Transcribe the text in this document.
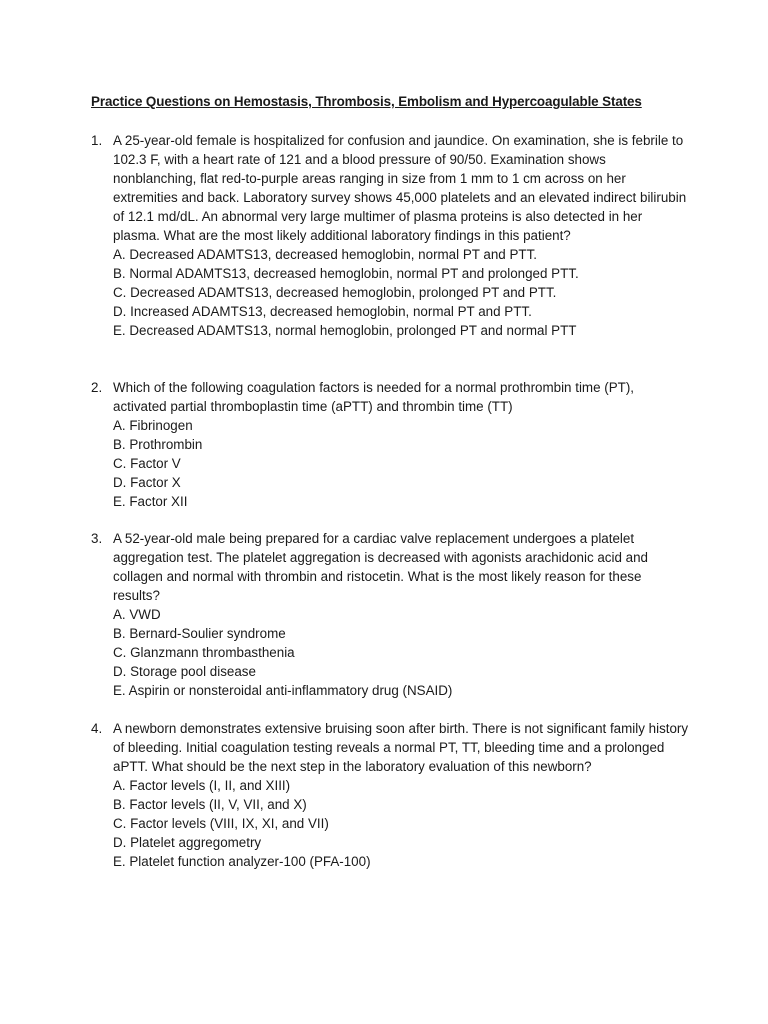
Practice Questions on Hemostasis, Thrombosis, Embolism and Hypercoagulable States
1. A 25-year-old female is hospitalized for confusion and jaundice. On examination, she is febrile to 102.3 F, with a heart rate of 121 and a blood pressure of 90/50. Examination shows nonblanching, flat red-to-purple areas ranging in size from 1 mm to 1 cm across on her extremities and back. Laboratory survey shows 45,000 platelets and an elevated indirect bilirubin of 12.1 md/dL. An abnormal very large multimer of plasma proteins is also detected in her plasma. What are the most likely additional laboratory findings in this patient?
A. Decreased ADAMTS13, decreased hemoglobin, normal PT and PTT.
B. Normal ADAMTS13, decreased hemoglobin, normal PT and prolonged PTT.
C. Decreased ADAMTS13, decreased hemoglobin, prolonged PT and PTT.
D. Increased ADAMTS13, decreased hemoglobin, normal PT and PTT.
E. Decreased ADAMTS13, normal hemoglobin, prolonged PT and normal PTT
2. Which of the following coagulation factors is needed for a normal prothrombin time (PT), activated partial thromboplastin time (aPTT) and thrombin time (TT)
A. Fibrinogen
B. Prothrombin
C. Factor V
D. Factor X
E. Factor XII
3. A 52-year-old male being prepared for a cardiac valve replacement undergoes a platelet aggregation test. The platelet aggregation is decreased with agonists arachidonic acid and collagen and normal with thrombin and ristocetin. What is the most likely reason for these results?
A. VWD
B. Bernard-Soulier syndrome
C. Glanzmann thrombasthenia
D. Storage pool disease
E. Aspirin or nonsteroidal anti-inflammatory drug (NSAID)
4. A newborn demonstrates extensive bruising soon after birth. There is not significant family history of bleeding. Initial coagulation testing reveals a normal PT, TT, bleeding time and a prolonged aPTT. What should be the next step in the laboratory evaluation of this newborn?
A. Factor levels (I, II, and XIII)
B. Factor levels (II, V, VII, and X)
C. Factor levels (VIII, IX, XI, and VII)
D. Platelet aggregometry
E. Platelet function analyzer-100 (PFA-100)
